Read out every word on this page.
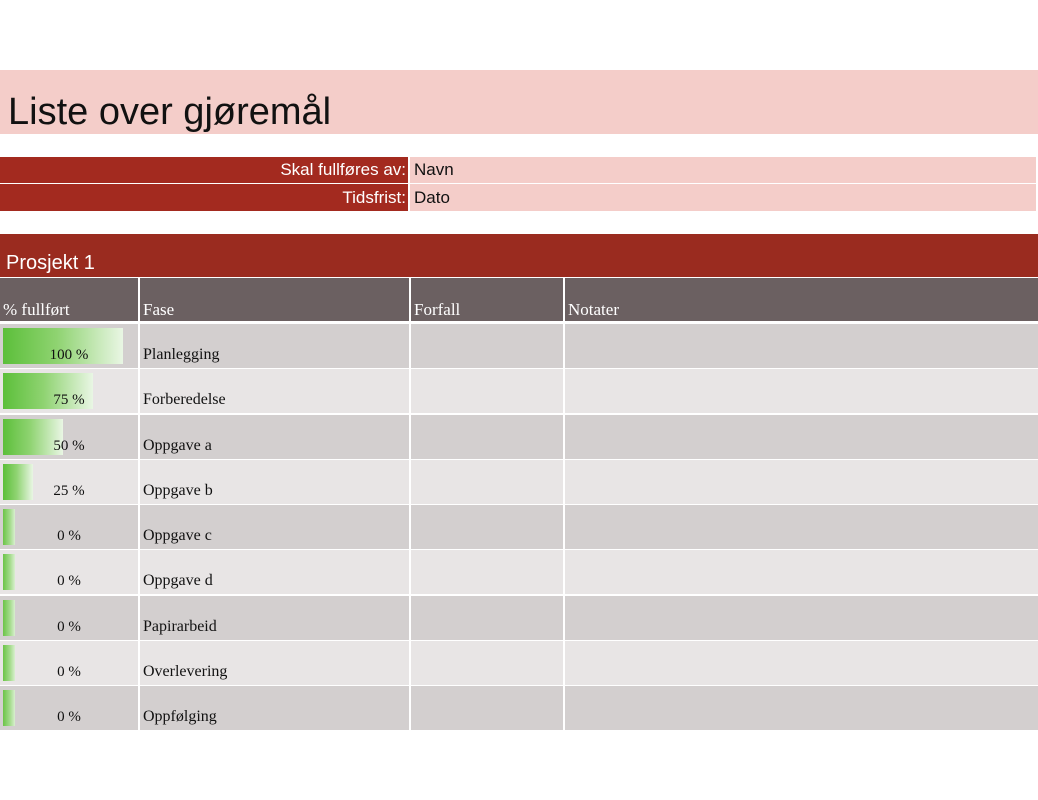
Liste over gjøremål
Skal fullføres av: Navn
Tidsfrist: Dato
Prosjekt 1
% fullført	Fase	Forfall	Notater
100 %	Planlegging
75 %	Forberedelse
50 %	Oppgave a
25 %	Oppgave b
0 %	Oppgave c
0 %	Oppgave d
0 %	Papirarbeid
0 %	Overlevering
0 %	Oppfølging
